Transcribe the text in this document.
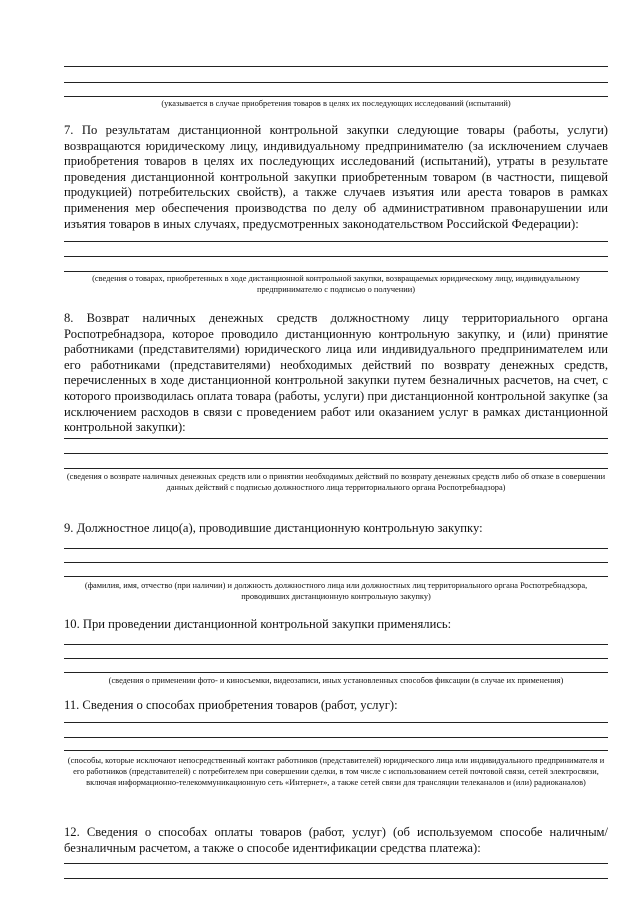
(указывается в случае приобретения товаров в целях их последующих исследований (испытаний)

7. По результатам дистанционной контрольной закупки следующие товары (работы, услуги) возвращаются юридическому лицу, индивидуальному предпринимателю (за исключением случаев приобретения товаров в целях их последующих исследований (испытаний), утраты в результате проведения дистанционной контрольной закупки приобретенным товаром (в частности, пищевой продукцией) потребительских свойств), а также случаев изъятия или ареста товаров в рамках применения мер обеспечения производства по делу об административном правонарушении или изъятия товаров в иных случаях, предусмотренных законодательством Российской Федерации):

(сведения о товарах, приобретенных в ходе дистанционной контрольной закупки, возвращаемых юридическому лицу, индивидуальному предпринимателю с подписью о получении)

8. Возврат наличных денежных средств должностному лицу территориального органа Роспотребнадзора, которое проводило дистанционную контрольную закупку, и (или) принятие работниками (представителями) юридического лица или индивидуального предпринимателем или его работниками (представителями) необходимых действий по возврату денежных средств, перечисленных в ходе дистанционной контрольной закупки путем безналичных расчетов, на счет, с которого производилась оплата товара (работы, услуги) при дистанционной контрольной закупке (за исключением расходов в связи с проведением работ или оказанием услуг в рамках дистанционной контрольной закупки):

(сведения о возврате наличных денежных средств или о принятии необходимых действий по возврату денежных средств либо об отказе в совершении данных действий с подписью должностного лица территориального органа Роспотребнадзора)

9. Должностное лицо(а), проводившие дистанционную контрольную закупку:

(фамилия, имя, отчество (при наличии) и должность должностного лица или должностных лиц территориального органа Роспотребнадзора, проводивших дистанционную контрольную закупку)

10. При проведении дистанционной контрольной закупки применялись:

(сведения о применении фото- и киносъемки, видеозаписи, иных установленных способов фиксации (в случае их применения)

11. Сведения о способах приобретения товаров (работ, услуг):

(способы, которые исключают непосредственный контакт работников (представителей) юридического лица или индивидуального предпринимателя и его работников (представителей) с потребителем при совершении сделки, в том числе с использованием сетей почтовой связи, сетей электросвязи, включая информационно-телекоммуникационную сеть «Интернет», а также сетей связи для трансляции телеканалов и (или) радиоканалов)

12. Сведения о способах оплаты товаров (работ, услуг) (об используемом способе наличным/безналичным расчетом, а также о способе идентификации средства платежа):
